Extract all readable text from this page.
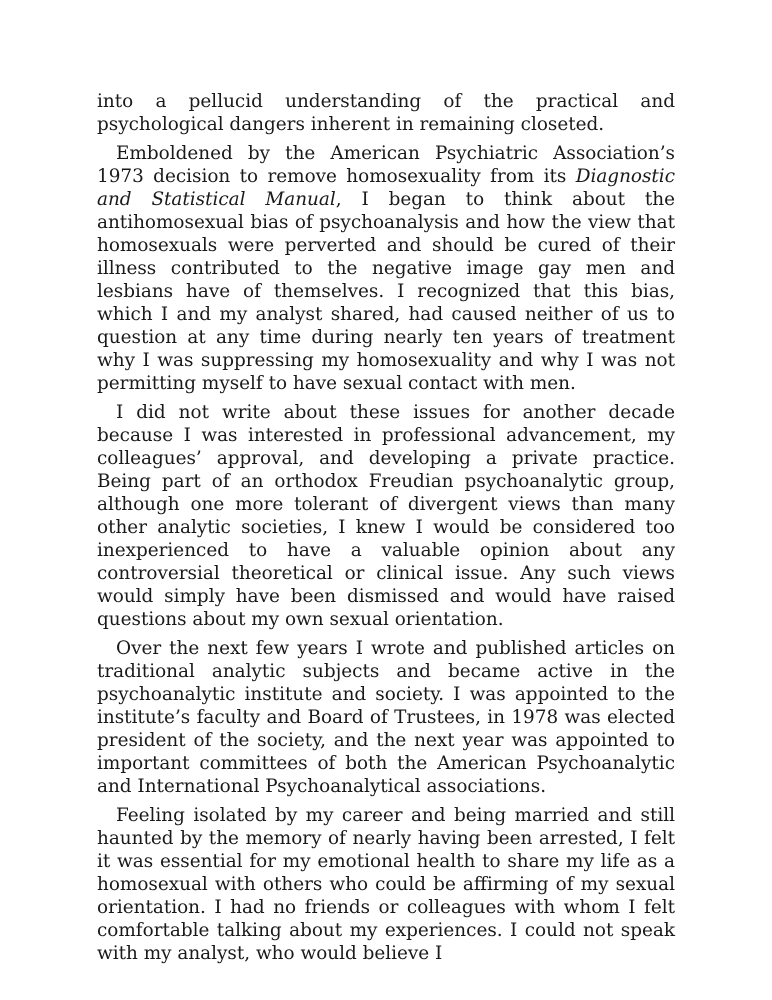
into a pellucid understanding of the practical and psychological dangers inherent in remaining closeted.

Emboldened by the American Psychiatric Association’s 1973 decision to remove homosexuality from its Diagnostic and Statistical Manual, I began to think about the antihomosexual bias of psychoanalysis and how the view that homosexuals were perverted and should be cured of their illness contributed to the negative image gay men and lesbians have of themselves. I recognized that this bias, which I and my analyst shared, had caused neither of us to question at any time during nearly ten years of treatment why I was suppressing my homosexuality and why I was not permitting myself to have sexual contact with men.

I did not write about these issues for another decade because I was interested in professional advancement, my colleagues’ approval, and developing a private practice. Being part of an orthodox Freudian psychoanalytic group, although one more tolerant of divergent views than many other analytic societies, I knew I would be considered too inexperienced to have a valuable opinion about any controversial theoretical or clinical issue. Any such views would simply have been dismissed and would have raised questions about my own sexual orientation.

Over the next few years I wrote and published articles on traditional analytic subjects and became active in the psychoanalytic institute and society. I was appointed to the institute’s faculty and Board of Trustees, in 1978 was elected president of the society, and the next year was appointed to important committees of both the American Psychoanalytic and International Psychoanalytical associations.

Feeling isolated by my career and being married and still haunted by the memory of nearly having been arrested, I felt it was essential for my emotional health to share my life as a homosexual with others who could be affirming of my sexual orientation. I had no friends or colleagues with whom I felt comfortable talking about my experiences. I could not speak with my analyst, who would believe I
